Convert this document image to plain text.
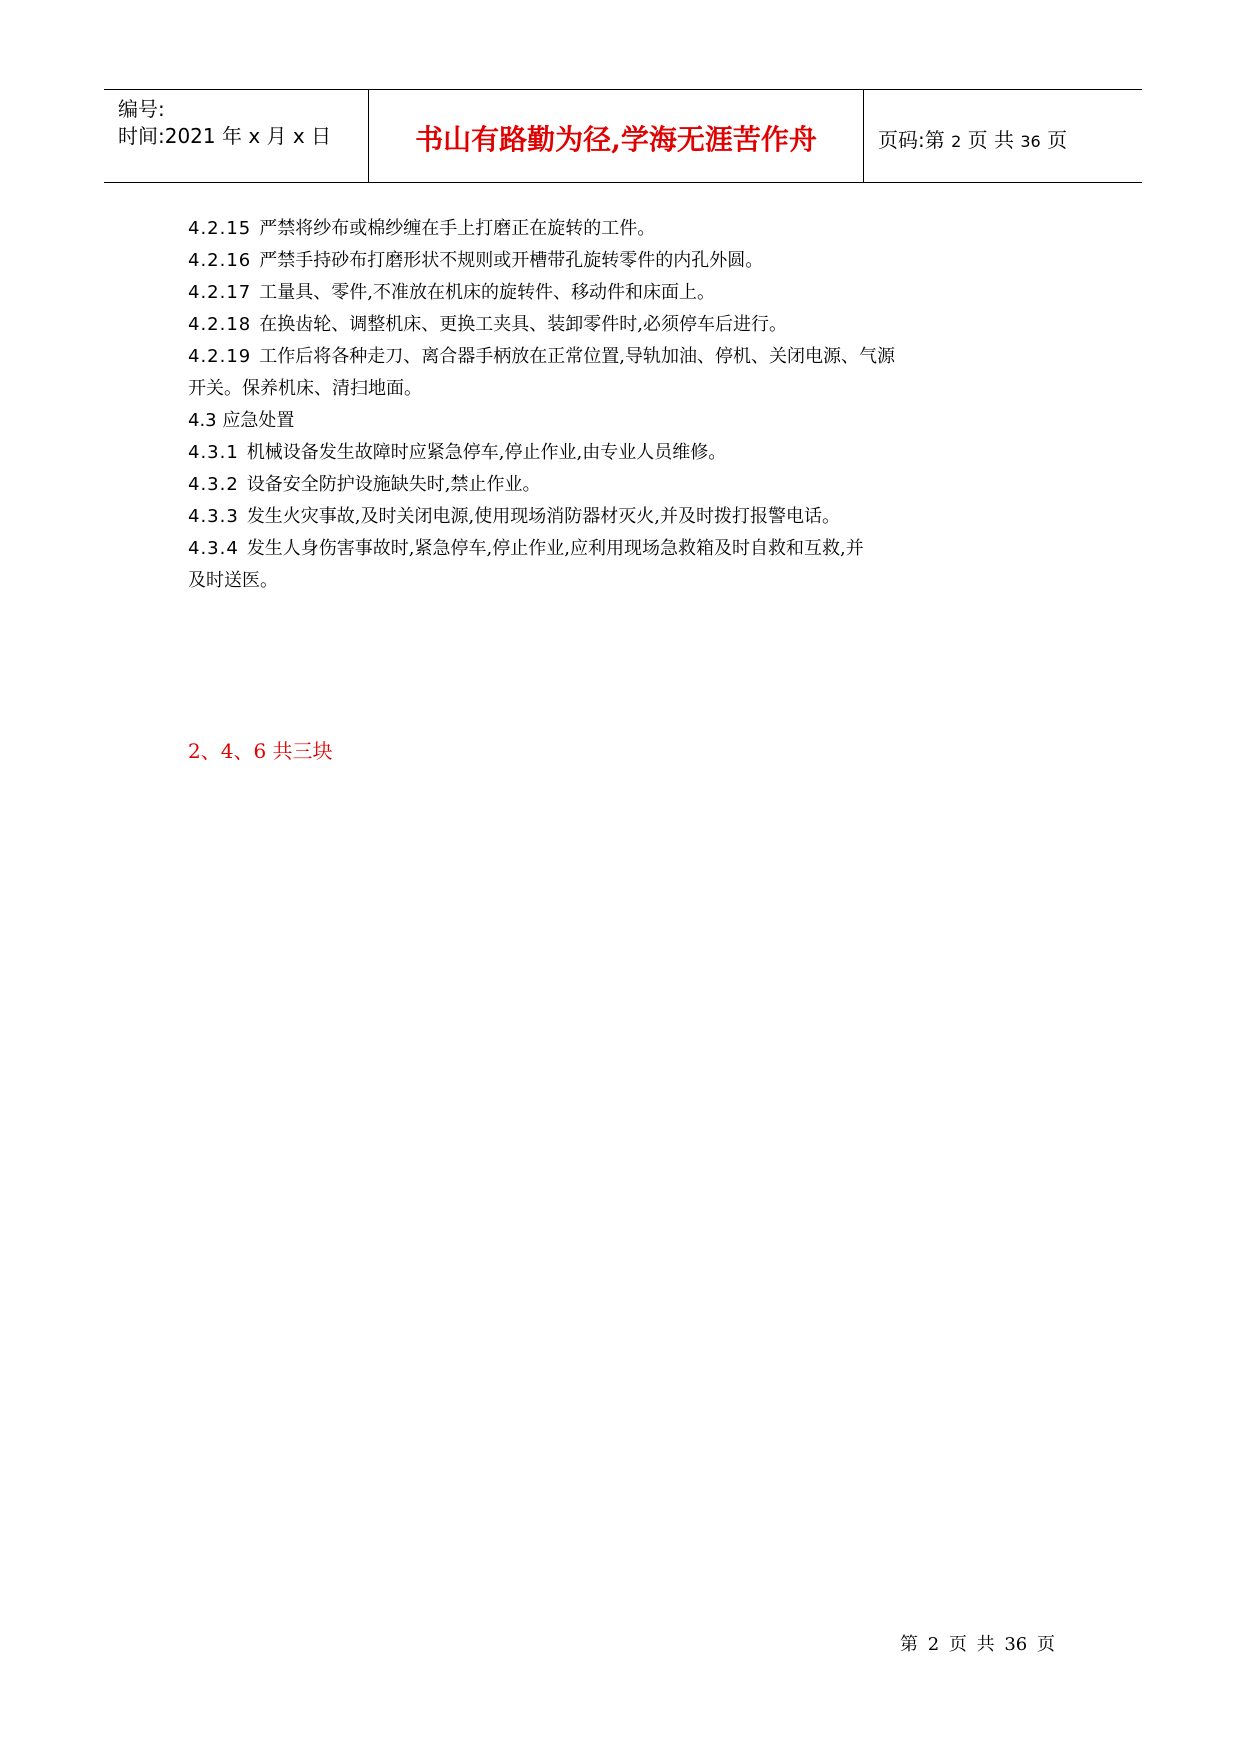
编号:
时间:2021 年 x 月 x 日	书山有路勤为径,学海无涯苦作舟	页码:第 2 页 共 36 页
4.2.15 严禁将纱布或棉纱缠在手上打磨正在旋转的工件。
4.2.16 严禁手持砂布打磨形状不规则或开槽带孔旋转零件的内孔外圆。
4.2.17 工量具、零件,不准放在机床的旋转件、移动件和床面上。
4.2.18 在换齿轮、调整机床、更换工夹具、装卸零件时,必须停车后进行。
4.2.19 工作后将各种走刀、离合器手柄放在正常位置,导轨加油、停机、关闭电源、气源
开关。保养机床、清扫地面。
4.3 应急处置
4.3.1 机械设备发生故障时应紧急停车,停止作业,由专业人员维修。
4.3.2 设备安全防护设施缺失时,禁止作业。
4.3.3 发生火灾事故,及时关闭电源,使用现场消防器材灭火,并及时拨打报警电话。
4.3.4 发生人身伤害事故时,紧急停车,停止作业,应利用现场急救箱及时自救和互救,并
及时送医。
2、4、6 共三块
第 2 页 共 36 页
